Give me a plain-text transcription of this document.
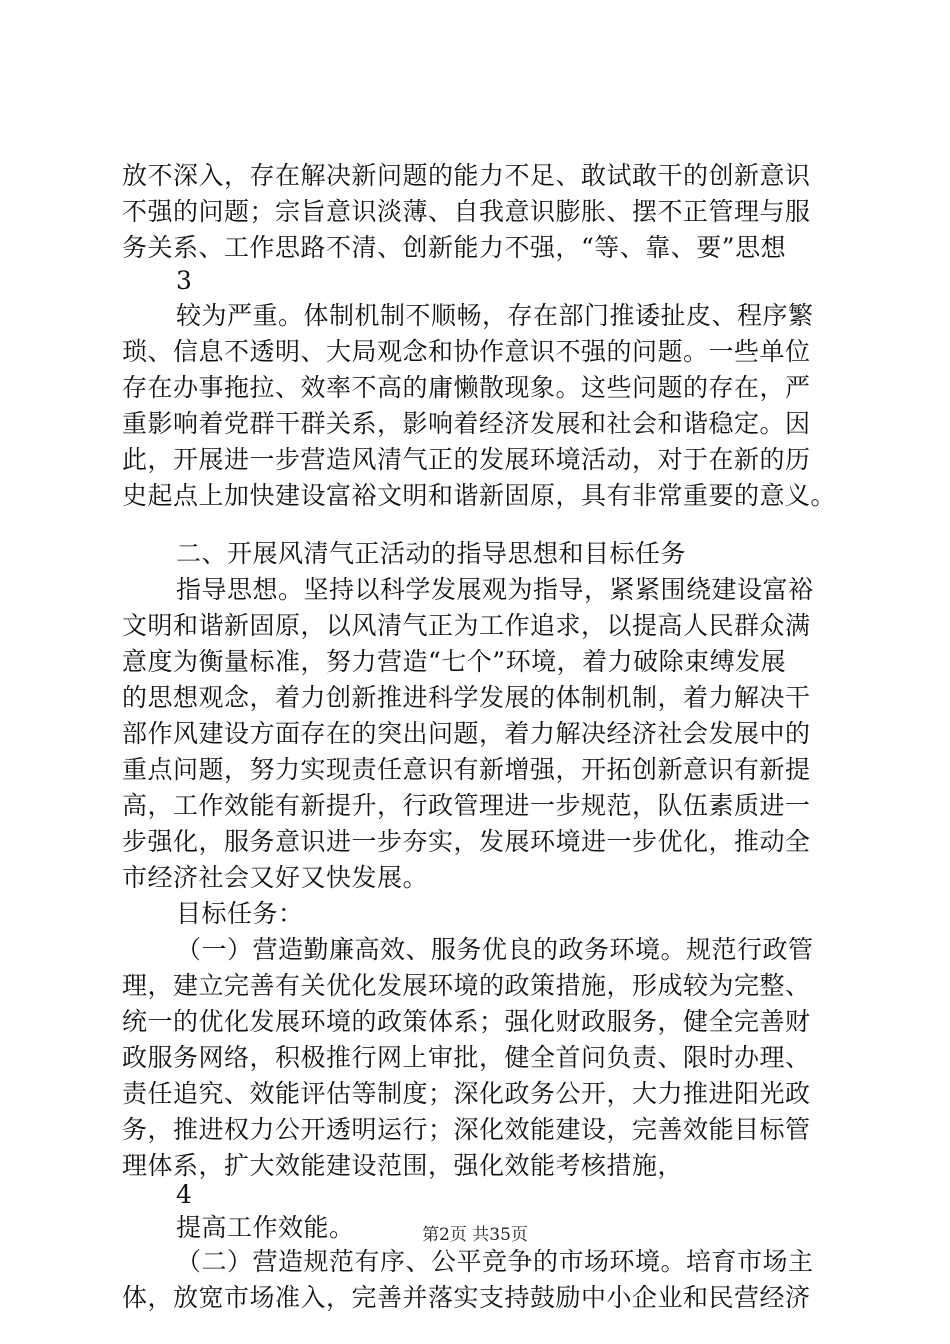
放不深入，存在解决新问题的能力不足、敢试敢干的创新意识
不强的问题；宗旨意识淡薄、自我意识膨胀、摆不正管理与服
务关系、工作思路不清、创新能力不强，“等、靠、要”思想
3
较为严重。体制机制不顺畅，存在部门推诿扯皮、程序繁
琐、信息不透明、大局观念和协作意识不强的问题。一些单位
存在办事拖拉、效率不高的庸懒散现象。这些问题的存在，严
重影响着党群干群关系，影响着经济发展和社会和谐稳定。因
此，开展进一步营造风清气正的发展环境活动，对于在新的历
史起点上加快建设富裕文明和谐新固原，具有非常重要的意义。
二、开展风清气正活动的指导思想和目标任务
指导思想。坚持以科学发展观为指导，紧紧围绕建设富裕
文明和谐新固原，以风清气正为工作追求，以提高人民群众满
意度为衡量标准，努力营造“七个”环境，着力破除束缚发展
的思想观念，着力创新推进科学发展的体制机制，着力解决干
部作风建设方面存在的突出问题，着力解决经济社会发展中的
重点问题，努力实现责任意识有新增强，开拓创新意识有新提
高，工作效能有新提升，行政管理进一步规范，队伍素质进一
步强化，服务意识进一步夯实，发展环境进一步优化，推动全
市经济社会又好又快发展。
目标任务：
（一）营造勤廉高效、服务优良的政务环境。规范行政管
理，建立完善有关优化发展环境的政策措施，形成较为完整、
统一的优化发展环境的政策体系；强化财政服务，健全完善财
政服务网络，积极推行网上审批，健全首问负责、限时办理、
责任追究、效能评估等制度；深化政务公开，大力推进阳光政
务，推进权力公开透明运行；深化效能建设，完善效能目标管
理体系，扩大效能建设范围，强化效能考核措施，
4
提高工作效能。
（二）营造规范有序、公平竞争的市场环境。培育市场主
体，放宽市场准入，完善并落实支持鼓励中小企业和民营经济
第2页 共35页
